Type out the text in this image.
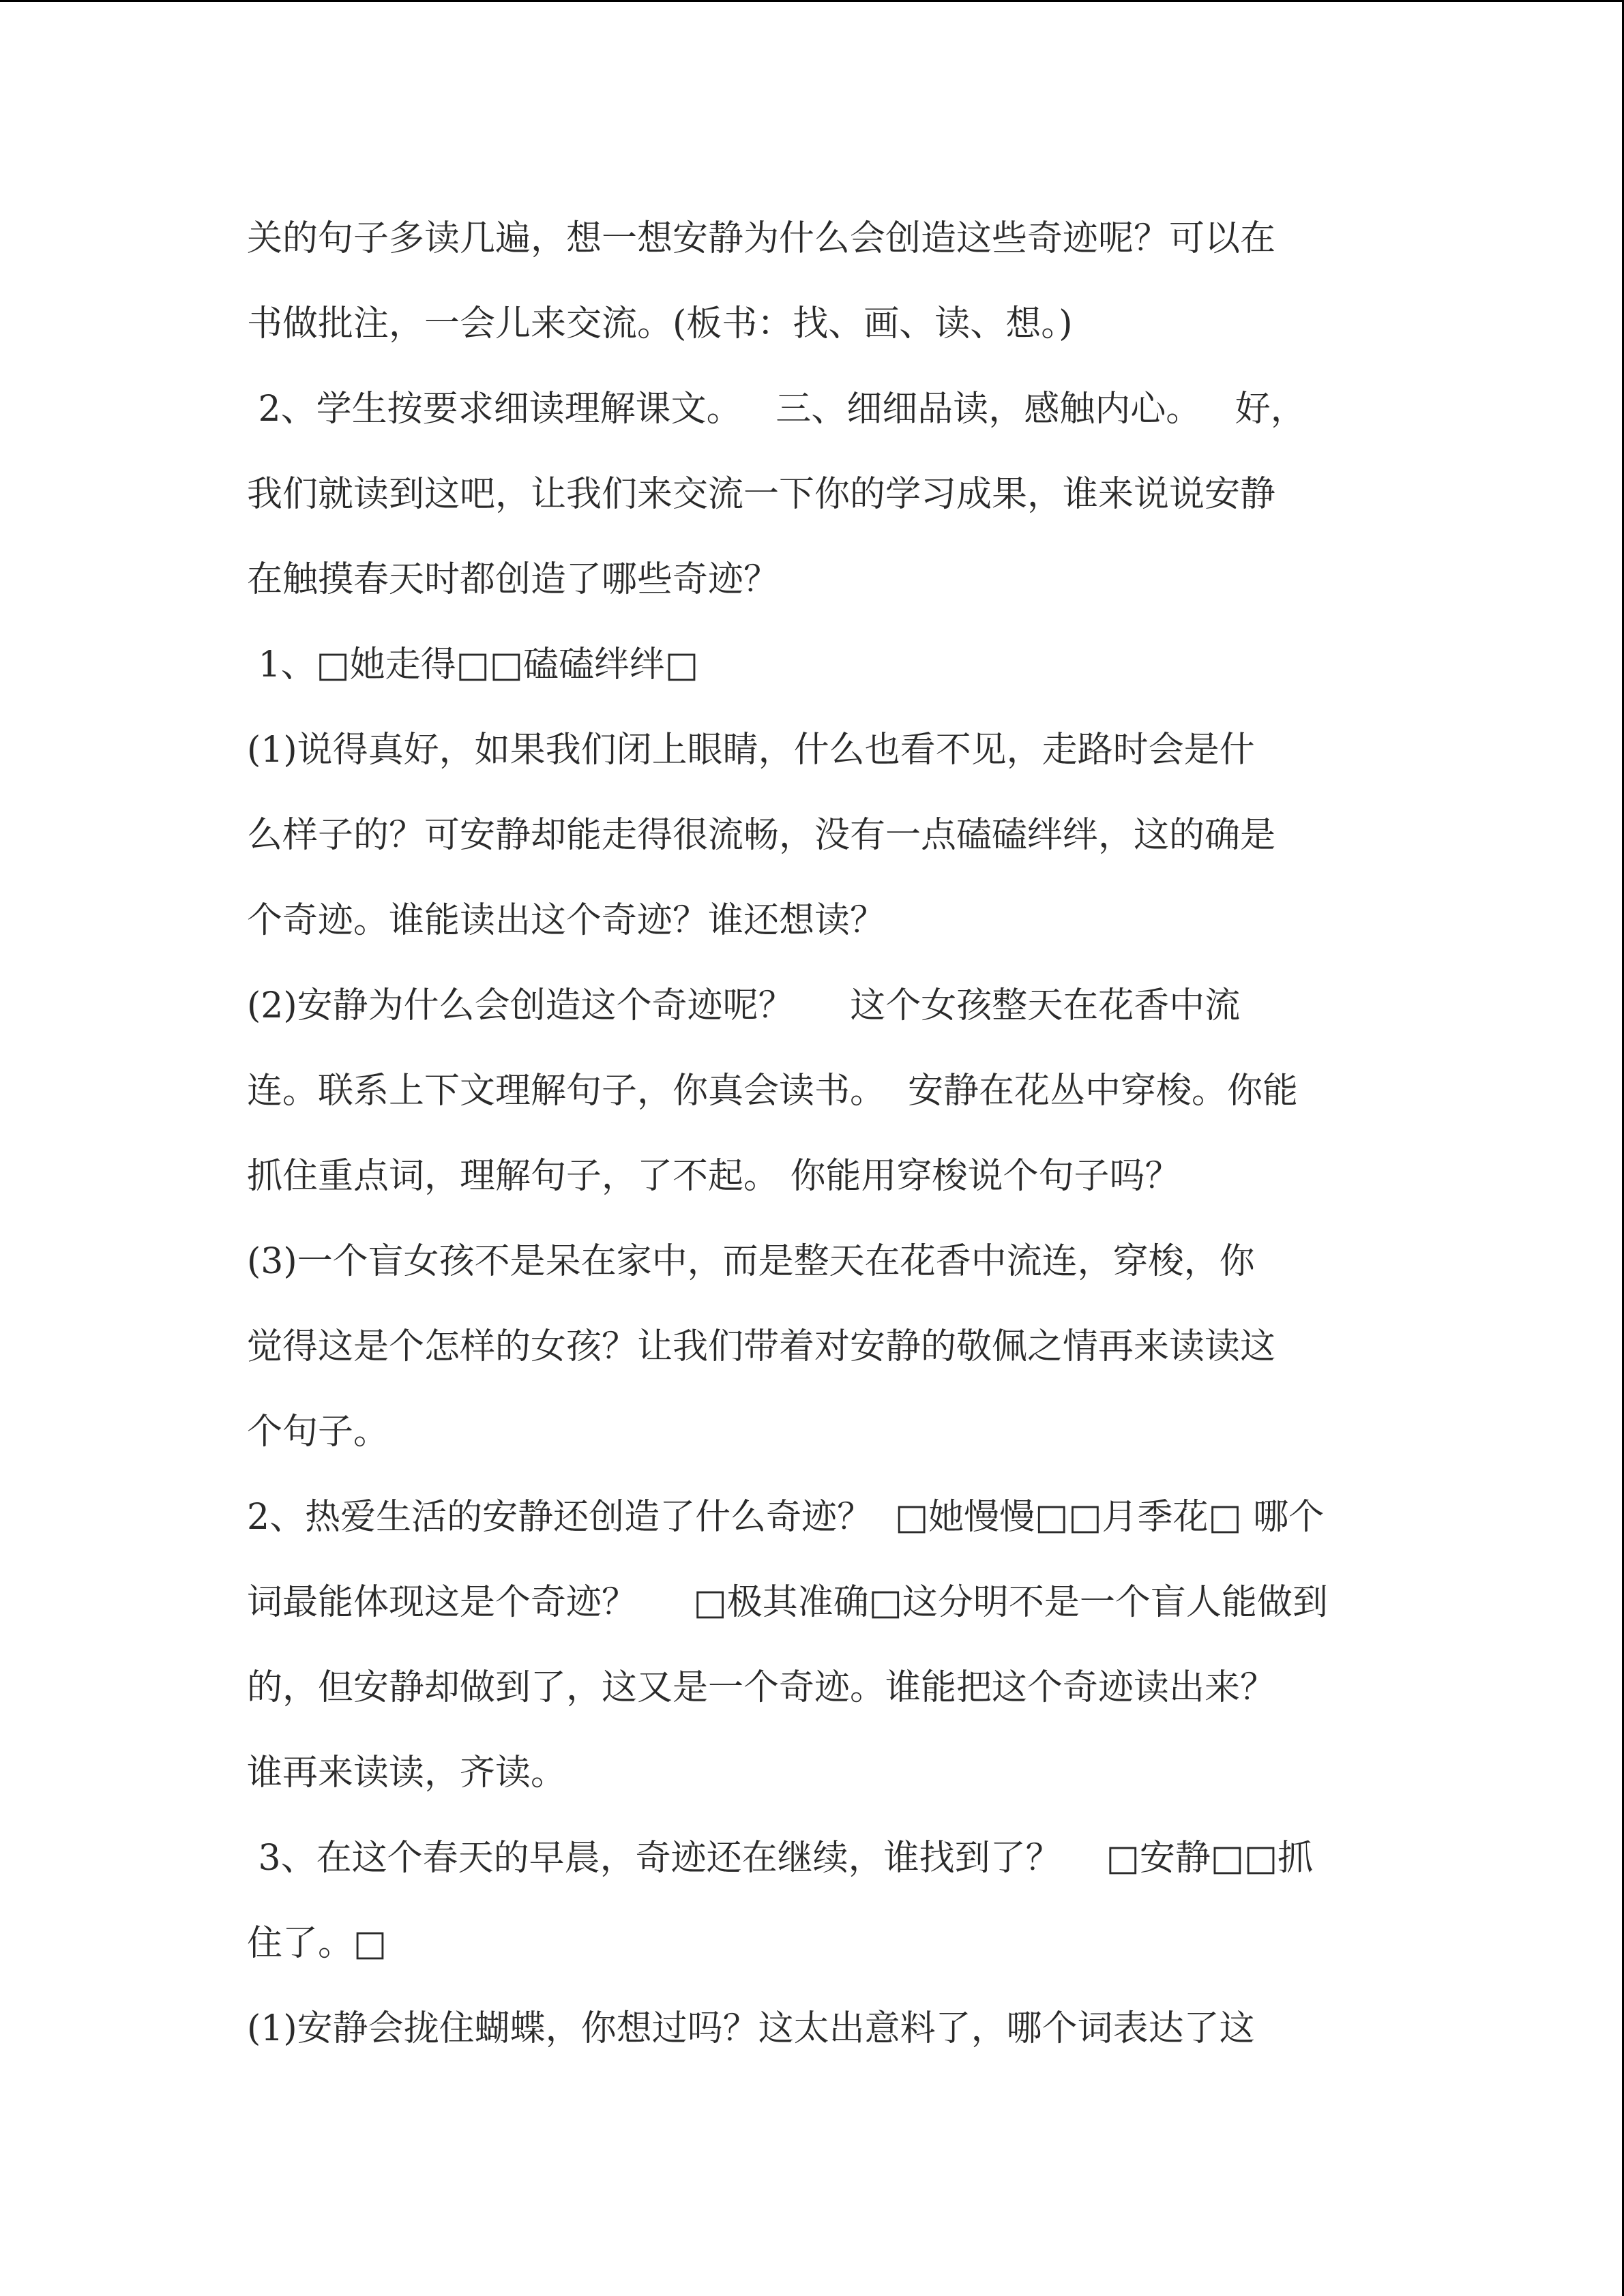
关的句子多读几遍，想一想安静为什么会创造这些奇迹呢？可以在
书做批注，一会儿来交流。(板书：找、画、读、想。)
2、学生按要求细读理解课文。   三、细细品读，感触内心。   好，
我们就读到这吧，让我们来交流一下你的学习成果，谁来说说安静
在触摸春天时都创造了哪些奇迹？
1、□她走得□□磕磕绊绊□
(1)说得真好，如果我们闭上眼睛，什么也看不见，走路时会是什
么样子的？可安静却能走得很流畅，没有一点磕磕绊绊，这的确是
个奇迹。谁能读出这个奇迹？谁还想读？
(2)安静为什么会创造这个奇迹呢？     这个女孩整天在花香中流
连。联系上下文理解句子，你真会读书。  安静在花丛中穿梭。你能
抓住重点词，理解句子，了不起。 你能用穿梭说个句子吗？
(3)一个盲女孩不是呆在家中，而是整天在花香中流连，穿梭，你
觉得这是个怎样的女孩？让我们带着对安静的敬佩之情再来读读这
个句子。
2、热爱生活的安静还创造了什么奇迹？  □她慢慢□□月季花□ 哪个
词最能体现这是个奇迹？     □极其准确□这分明不是一个盲人能做到
的，但安静却做到了，这又是一个奇迹。谁能把这个奇迹读出来？
谁再来读读，齐读。
3、在这个春天的早晨，奇迹还在继续，谁找到了？    □安静□□抓
住了。□
(1)安静会拢住蝴蝶，你想过吗？这太出意料了，哪个词表达了这
